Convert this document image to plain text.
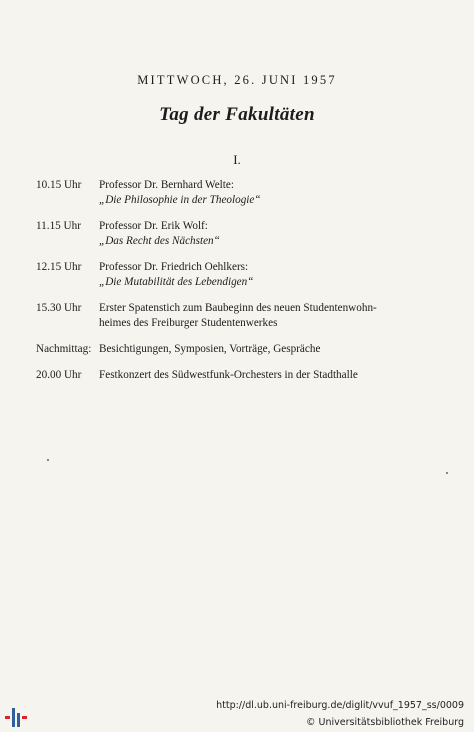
MITTWOCH, 26. JUNI 1957
Tag der Fakultäten
I.
10.15 Uhr	Professor Dr. Bernhard Welte:
„Die Philosophie in der Theologie“
11.15 Uhr	Professor Dr. Erik Wolf:
„Das Recht des Nächsten“
12.15 Uhr	Professor Dr. Friedrich Oehlkers:
„Die Mutabilität des Lebendigen“
15.30 Uhr	Erster Spatenstich zum Baubeginn des neuen Studentenwohn-
heimes des Freiburger Studentenwerkes
Nachmittag: Besichtigungen, Symposien, Vorträge, Gespräche
20.00 Uhr	Festkonzert des Südwestfunk-Orchesters in der Stadthalle
http://dl.ub.uni-freiburg.de/diglit/vvuf_1957_ss/0009
© Universitätsbibliothek Freiburg
